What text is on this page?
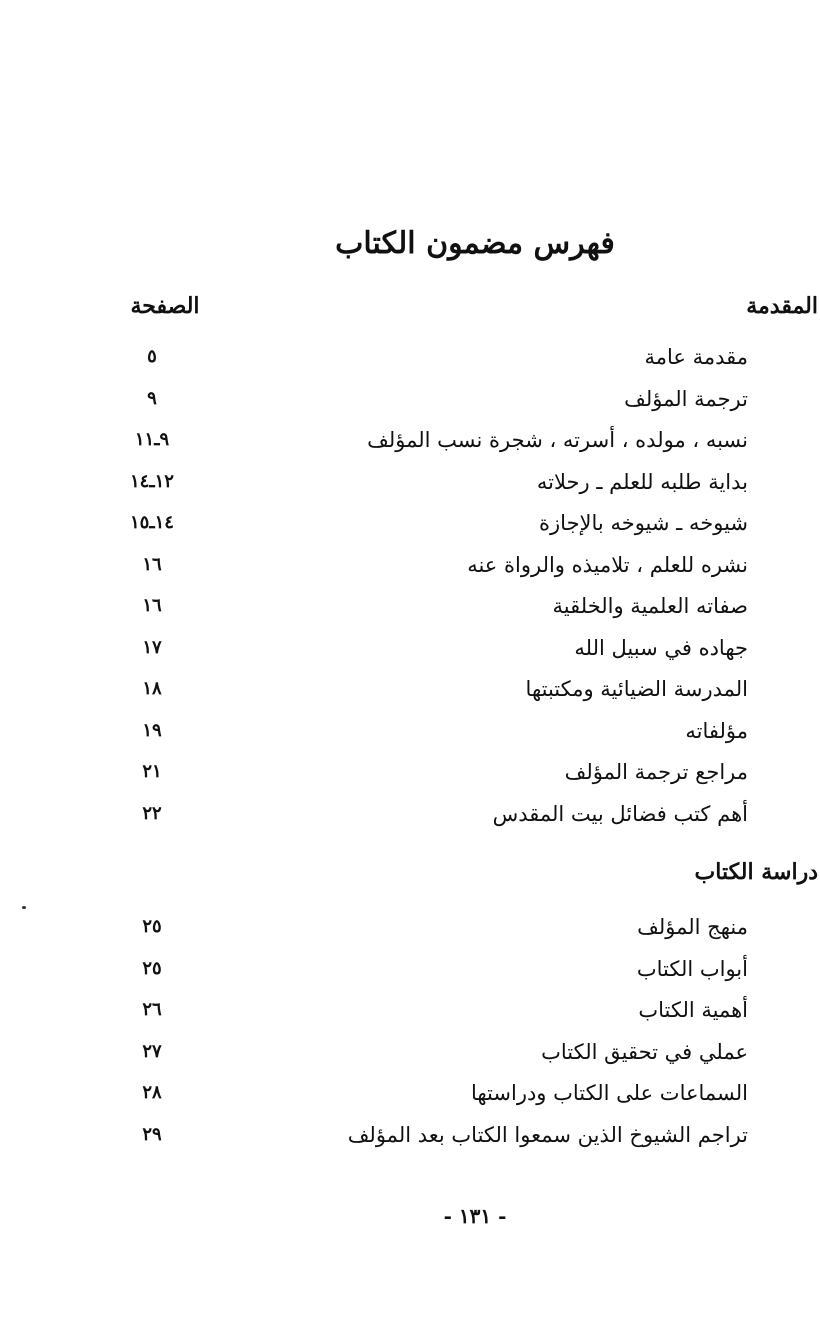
فهرس مضمون الكتاب
المقدمة
الصفحة
مقدمة عامة
٥
ترجمة المؤلف
٩
نسبه ، مولده ، أسرته ، شجرة نسب المؤلف
٩ـ١١
بداية طلبه للعلم ـ رحلاته
١٢ـ١٤
شيوخه ـ شيوخه بالإجازة
١٤ـ١٥
نشره للعلم ، تلاميذه والرواة عنه
١٦
صفاته العلمية والخلقية
١٦
جهاده في سبيل الله
١٧
المدرسة الضيائية ومكتبتها
١٨
مؤلفاته
١٩
مراجع ترجمة المؤلف
٢١
أهم كتب فضائل بيت المقدس
٢٢
دراسة الكتاب
منهج المؤلف
٢٥
أبواب الكتاب
٢٥
أهمية الكتاب
٢٦
عملي في تحقيق الكتاب
٢٧
السماعات على الكتاب ودراستها
٢٨
تراجم الشيوخ الذين سمعوا الكتاب بعد المؤلف
٢٩
- ١٣١ -
